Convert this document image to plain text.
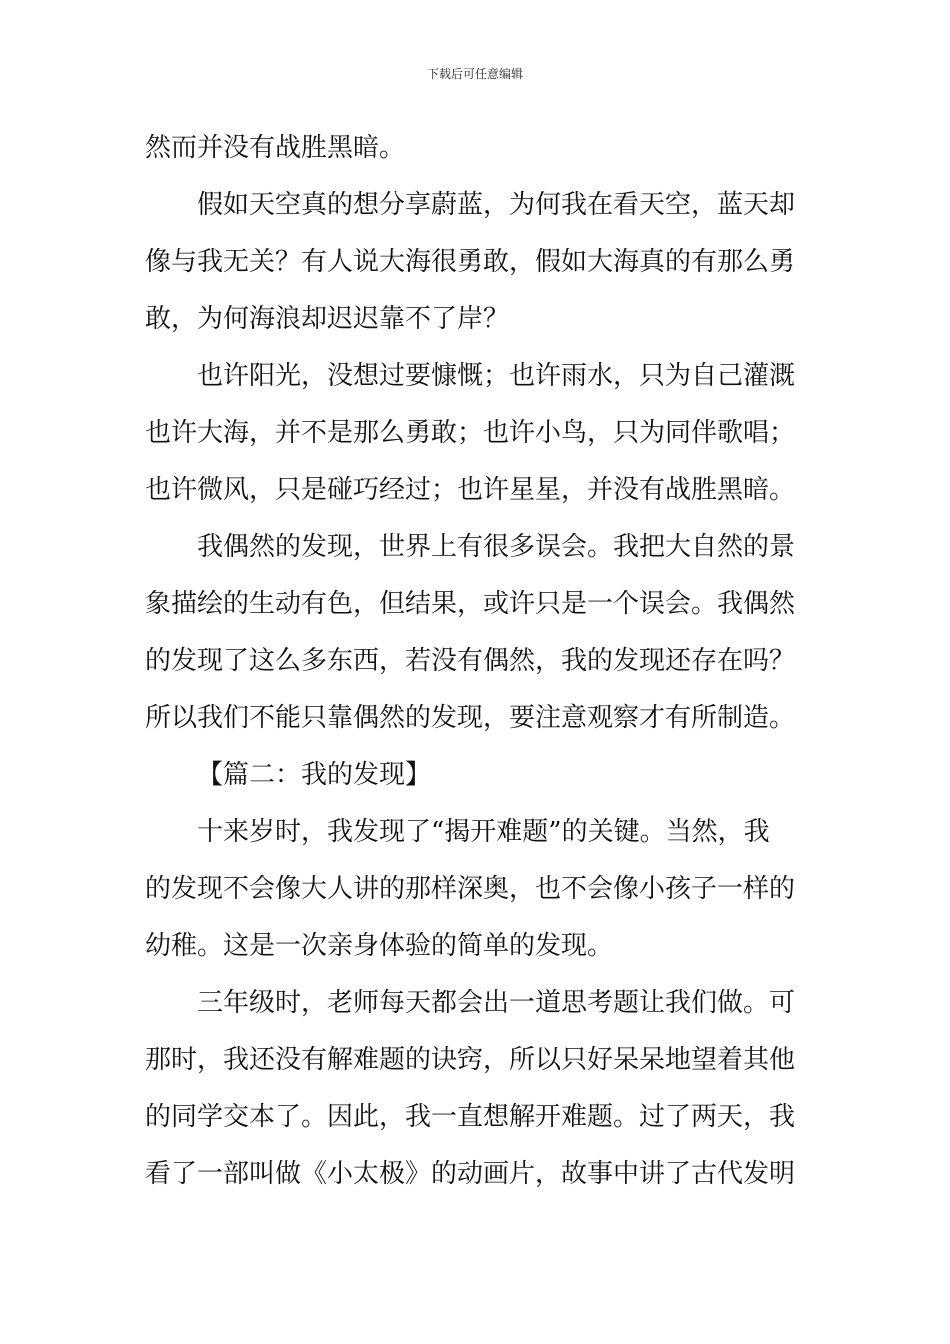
下载后可任意编辑
然而并没有战胜黑暗。
假如天空真的想分享蔚蓝，为何我在看天空，蓝天却
像与我无关？有人说大海很勇敢，假如大海真的有那么勇
敢，为何海浪却迟迟靠不了岸？
也许阳光，没想过要慷慨；也许雨水，只为自己灌溉
也许大海，并不是那么勇敢；也许小鸟，只为同伴歌唱；
也许微风，只是碰巧经过；也许星星，并没有战胜黑暗。
我偶然的发现，世界上有很多误会。我把大自然的景
象描绘的生动有色，但结果，或许只是一个误会。我偶然
的发现了这么多东西，若没有偶然，我的发现还存在吗？
所以我们不能只靠偶然的发现，要注意观察才有所制造。
【篇二：我的发现】
十来岁时，我发现了“揭开难题”的关键。当然，我
的发现不会像大人讲的那样深奥，也不会像小孩子一样的
幼稚。这是一次亲身体验的简单的发现。
三年级时，老师每天都会出一道思考题让我们做。可
那时，我还没有解难题的诀窍，所以只好呆呆地望着其他
的同学交本了。因此，我一直想解开难题。过了两天，我
看了一部叫做《小太极》的动画片，故事中讲了古代发明
